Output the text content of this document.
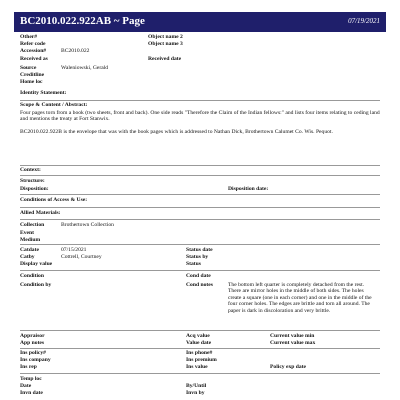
BC2010.022.922AB ~ Page	07/19/2021
Other#
Refer code
Accession#	BC2010.022
Received as
Source	Waleniowski, Gerald
Creditline
Home loc
Object name 2
Object name 3
Received date
Identity Statement:
Scope & Content / Abstract:
Four pages torn from a book (two sheets, front and back). One side reads "Therefore the Claim of the Indian fellows:" and lists four items relating to ceding land and mentions the treaty at Fort Stanwix.
BC2010.022.922B is the envelope that was with the book pages which is addressed to Nathan Dick, Brothertown Calumet Co. Wis. Pequot.
Context:
Structure:
Disposition:	Disposition date:
Conditions of Access & Use:
Allied Materials:
Collection	Brothertown Collection
Event
Medium
Catdate	07/15/2021
Catby	Cottrell, Courtney
Display value
Status date
Status by
Status
Condition
Condition by
Cond date
Cond notes	The bottom left quarter is completely detached from the rest. There are mirror holes in the middle of both sides. The holes create a square (one in each corner) and one in the middle of the four corner holes. The edges are brittle and torn all around. The paper is dark in discoloration and very brittle.
Appraisor
App notes
Acq value
Value date
Current value min
Current value max
Ins policy#
Ins company
Ins rep
Ins phone#
Ins premium
Ins value	Policy exp date
Temp loc
Date
Invn date
By/Until
Invn by
